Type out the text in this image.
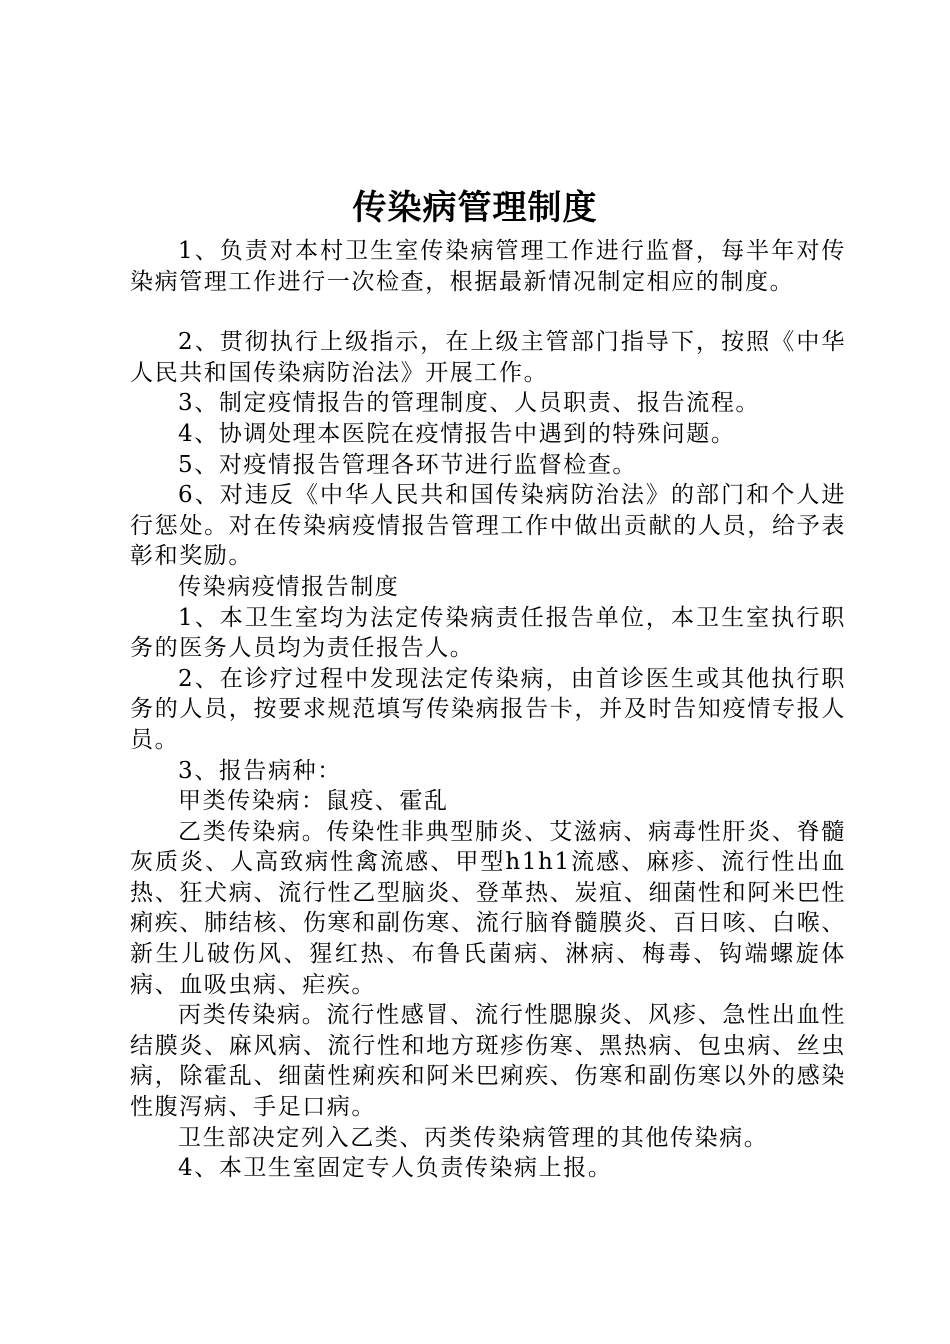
传染病管理制度

1、负责对本村卫生室传染病管理工作进行监督，每半年对传染病管理工作进行一次检查，根据最新情况制定相应的制度。

2、贯彻执行上级指示，在上级主管部门指导下，按照《中华人民共和国传染病防治法》开展工作。

3、制定疫情报告的管理制度、人员职责、报告流程。

4、协调处理本医院在疫情报告中遇到的特殊问题。

5、对疫情报告管理各环节进行监督检查。

6、对违反《中华人民共和国传染病防治法》的部门和个人进行惩处。对在传染病疫情报告管理工作中做出贡献的人员，给予表彰和奖励。

传染病疫情报告制度

1、本卫生室均为法定传染病责任报告单位，本卫生室执行职务的医务人员均为责任报告人。

2、在诊疗过程中发现法定传染病，由首诊医生或其他执行职务的人员，按要求规范填写传染病报告卡，并及时告知疫情专报人员。

3、报告病种：

甲类传染病：鼠疫、霍乱

乙类传染病。传染性非典型肺炎、艾滋病、病毒性肝炎、脊髓灰质炎、人高致病性禽流感、甲型h1h1流感、麻疹、流行性出血热、狂犬病、流行性乙型脑炎、登革热、炭疽、细菌性和阿米巴性痢疾、肺结核、伤寒和副伤寒、流行脑脊髓膜炎、百日咳、白喉、新生儿破伤风、猩红热、布鲁氏菌病、淋病、梅毒、钩端螺旋体病、血吸虫病、疟疾。

丙类传染病。流行性感冒、流行性腮腺炎、风疹、急性出血性结膜炎、麻风病、流行性和地方斑疹伤寒、黑热病、包虫病、丝虫病，除霍乱、细菌性痢疾和阿米巴痢疾、伤寒和副伤寒以外的感染性腹泻病、手足口病。

卫生部决定列入乙类、丙类传染病管理的其他传染病。

4、本卫生室固定专人负责传染病上报。
